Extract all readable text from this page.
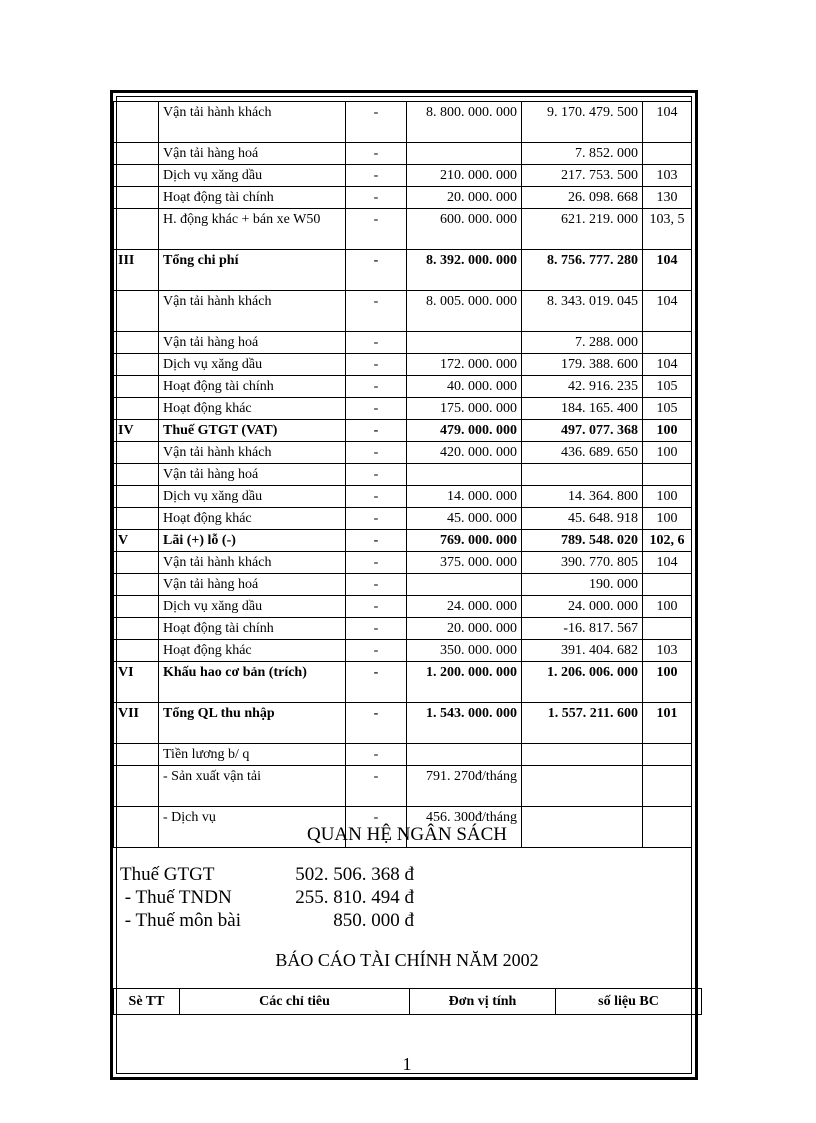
	Vận tải hành khách	-	8. 800. 000. 000	9. 170. 479. 500	104
	Vận tải hàng hoá	-		7. 852. 000	
	Dịch vụ xăng dầu	-	210. 000. 000	217. 753. 500	103
	Hoạt động tài chính	-	20. 000. 000	26. 098. 668	130
	H. động khác + bán xe W50	-	600. 000. 000	621. 219. 000	103, 5
III	Tổng chi phí	-	8. 392. 000. 000	8. 756. 777. 280	104
	Vận tải hành khách	-	8. 005. 000. 000	8. 343. 019. 045	104
	Vận tải hàng hoá	-		7. 288. 000	
	Dịch vụ xăng dầu	-	172. 000. 000	179. 388. 600	104
	Hoạt động tài chính	-	40. 000. 000	42. 916. 235	105
	Hoạt động khác	-	175. 000. 000	184. 165. 400	105
IV	Thuế GTGT (VAT)	-	479. 000. 000	497. 077. 368	100
	Vận tải hành khách	-	420. 000. 000	436. 689. 650	100
	Vận tải hàng hoá	-			
	Dịch vụ xăng dầu	-	14. 000. 000	14. 364. 800	100
	Hoạt động khác	-	45. 000. 000	45. 648. 918	100
V	Lãi (+) lỗ (-)	-	769. 000. 000	789. 548. 020	102, 6
	Vận tải hành khách	-	375. 000. 000	390. 770. 805	104
	Vận tải hàng hoá	-		190. 000	
	Dịch vụ xăng dầu	-	24. 000. 000	24. 000. 000	100
	Hoạt động tài chính	-	20. 000. 000	-16. 817. 567	
	Hoạt động khác	-	350. 000. 000	391. 404. 682	103
VI	Khấu hao cơ bản (trích)	-	1. 200. 000. 000	1. 206. 006. 000	100
VII	Tổng QL thu nhập	-	1. 543. 000. 000	1. 557. 211. 600	101
	Tiền lương b/ q	-			
	- Sản xuất vận tải	-	791. 270đ/tháng		
	- Dịch vụ	-	456. 300đ/tháng		
QUAN HỆ NGÂN SÁCH
Thuế GTGT	502. 506. 368 đ
- Thuế TNDN	255. 810. 494 đ
- Thuế môn bài	850. 000 đ
BÁO CÁO TÀI CHÍNH NĂM 2002
Sè TT	Các chỉ tiêu	Đơn vị tính	số liệu BC
1
